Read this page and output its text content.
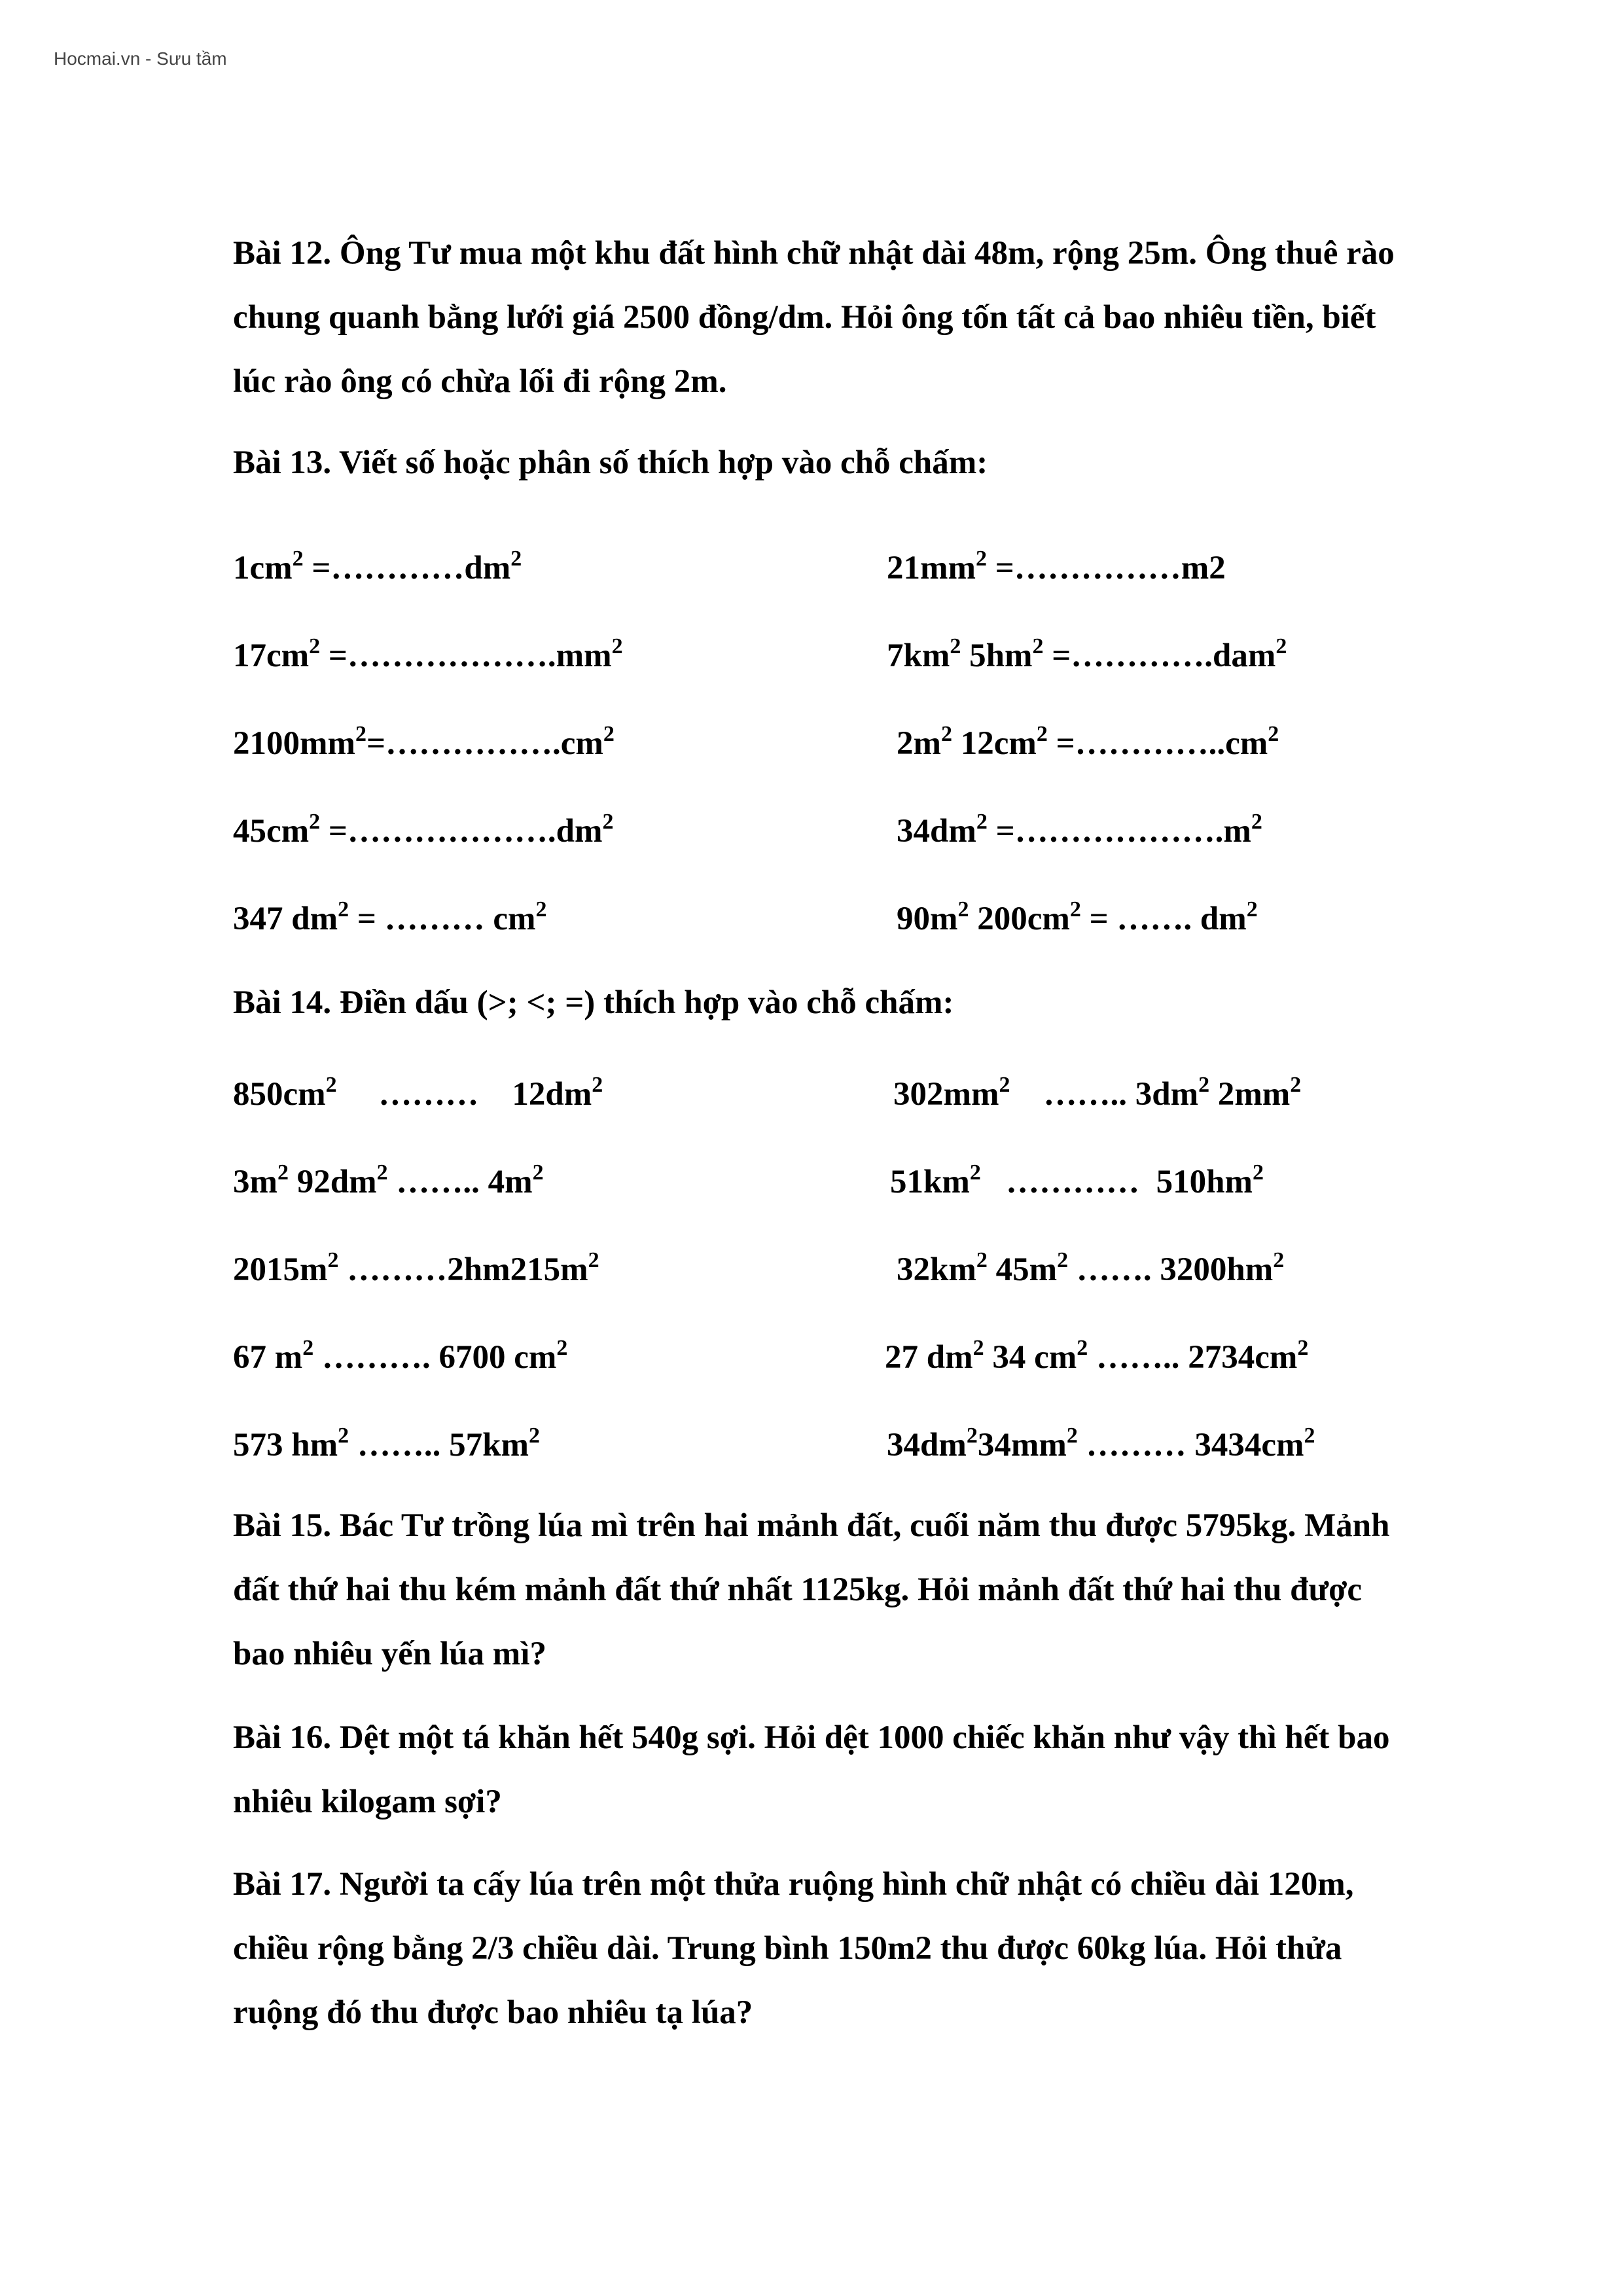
Hocmai.vn - Sưu tầm
Bài 12. Ông Tư mua một khu đất hình chữ nhật dài 48m, rộng 25m. Ông thuê rào
chung quanh bằng lưới giá 2500 đồng/dm. Hỏi ông tốn tất cả bao nhiêu tiền, biết
lúc rào ông có chừa lối đi rộng 2m.
Bài 13. Viết số hoặc phân số thích hợp vào chỗ chấm:
$1cm^2$ $=\dots\dots\dots\dots dm^2$
$17cm^2$ $=\dots\dots\dots\dots\dots\dots.mm^2$
$2100mm^2=\dots\dots\dots\dots\dots.cm^2$
$45cm^2$ $=\dots\dots\dots\dots\dots\dots.dm^2$
347 $dm^2$ = ……… $cm^2$
$21mm^2$ =……………m2
$7km^2$ $5hm^2$ =………….dam$^2$
$2m^2$ $12cm^2$ $=\dots\dots\dots\dots..cm^2$
$34dm^2$ $=\dots\dots\dots\dots\dots\dots.m^2$
$90m^2$ $200cm^2$ = ……. $dm^2$
Bài 14. Điền dấu (>; <; =) thích hợp vào chỗ chấm:
$850cm^2$     ………    $12dm^2$
$3m^2$ $92dm^2$ …….. $4m^2$
$2015m^2$ $\dots\dots\dots 2hm215m^2$
67 $m^2$ ………. 6700 $cm^2$
573 $hm^2$ …….. $57km^2$
$302mm^2$    …….. $3dm^2$ $2mm^2$
$51km^2$   …………  $510hm^2$
$32km^2$ $45m^2$ ……. $3200hm^2$
27 $dm^2$ 34 $cm^2$ …….. $2734cm^2$
$34dm^234mm^2$ ……… $3434cm^2$
Bài 15. Bác Tư trồng lúa mì trên hai mảnh đất, cuối năm thu được 5795kg. Mảnh
đất thứ hai thu kém mảnh đất thứ nhất 1125kg. Hỏi mảnh đất thứ hai thu được
bao nhiêu yến lúa mì?
Bài 16. Dệt một tá khăn hết 540g sợi. Hỏi dệt 1000 chiếc khăn như vậy thì hết bao
nhiêu kilogam sợi?
Bài 17. Người ta cấy lúa trên một thửa ruộng hình chữ nhật có chiều dài 120m,
chiều rộng bằng 2/3 chiều dài. Trung bình 150m2 thu được 60kg lúa. Hỏi thửa
ruộng đó thu được bao nhiêu tạ lúa?
